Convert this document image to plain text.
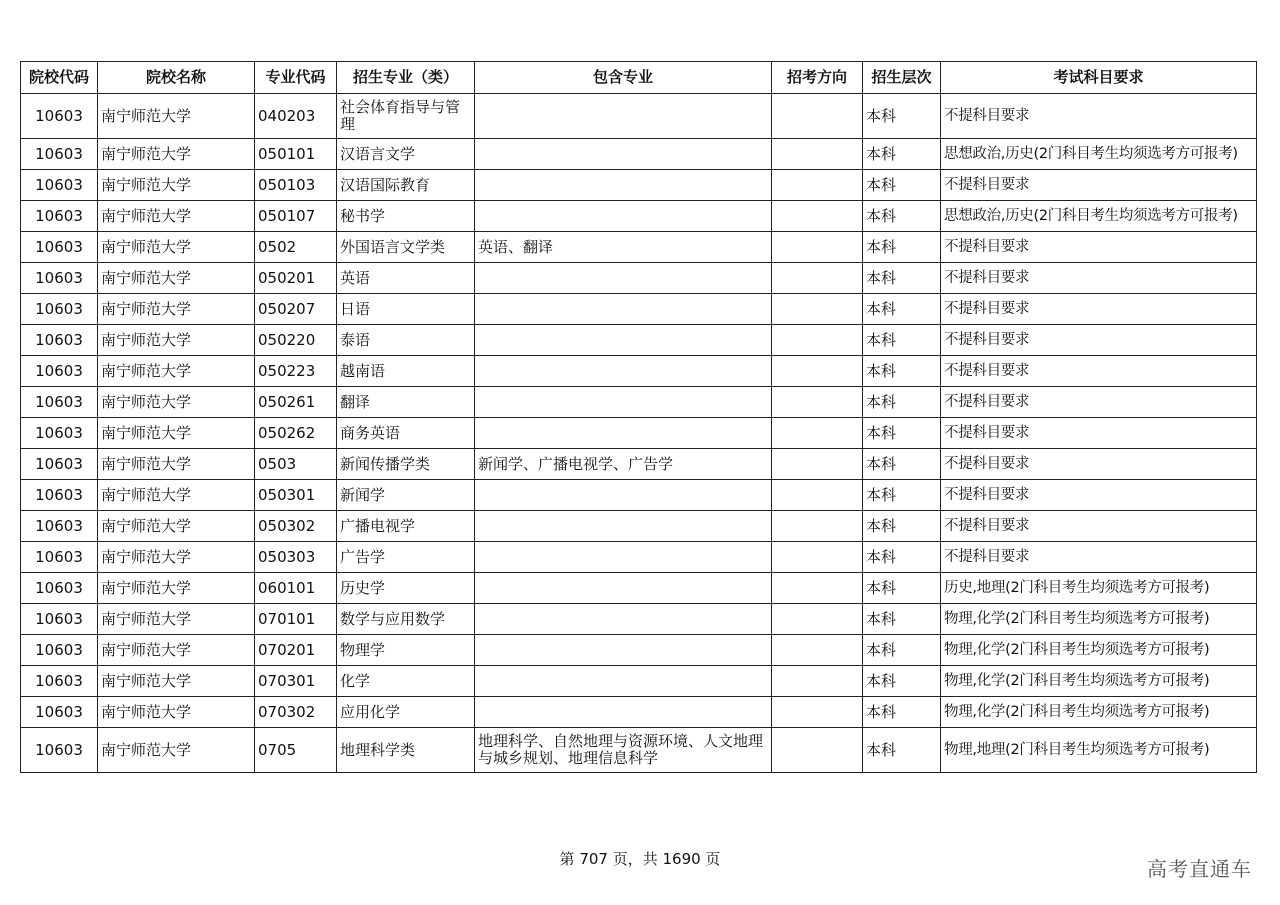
院校代码	院校名称	专业代码	招生专业（类）	包含专业	招考方向	招生层次	考试科目要求
10603	南宁师范大学	040203	社会体育指导与管理			本科	不提科目要求
10603	南宁师范大学	050101	汉语言文学			本科	思想政治,历史(2门科目考生均须选考方可报考)
10603	南宁师范大学	050103	汉语国际教育			本科	不提科目要求
10603	南宁师范大学	050107	秘书学			本科	思想政治,历史(2门科目考生均须选考方可报考)
10603	南宁师范大学	0502	外国语言文学类	英语、翻译		本科	不提科目要求
10603	南宁师范大学	050201	英语			本科	不提科目要求
10603	南宁师范大学	050207	日语			本科	不提科目要求
10603	南宁师范大学	050220	泰语			本科	不提科目要求
10603	南宁师范大学	050223	越南语			本科	不提科目要求
10603	南宁师范大学	050261	翻译			本科	不提科目要求
10603	南宁师范大学	050262	商务英语			本科	不提科目要求
10603	南宁师范大学	0503	新闻传播学类	新闻学、广播电视学、广告学		本科	不提科目要求
10603	南宁师范大学	050301	新闻学			本科	不提科目要求
10603	南宁师范大学	050302	广播电视学			本科	不提科目要求
10603	南宁师范大学	050303	广告学			本科	不提科目要求
10603	南宁师范大学	060101	历史学			本科	历史,地理(2门科目考生均须选考方可报考)
10603	南宁师范大学	070101	数学与应用数学			本科	物理,化学(2门科目考生均须选考方可报考)
10603	南宁师范大学	070201	物理学			本科	物理,化学(2门科目考生均须选考方可报考)
10603	南宁师范大学	070301	化学			本科	物理,化学(2门科目考生均须选考方可报考)
10603	南宁师范大学	070302	应用化学			本科	物理,化学(2门科目考生均须选考方可报考)
10603	南宁师范大学	0705	地理科学类	地理科学、自然地理与资源环境、人文地理与城乡规划、地理信息科学		本科	物理,地理(2门科目考生均须选考方可报考)
第 707 页，共 1690 页	高考直通车
